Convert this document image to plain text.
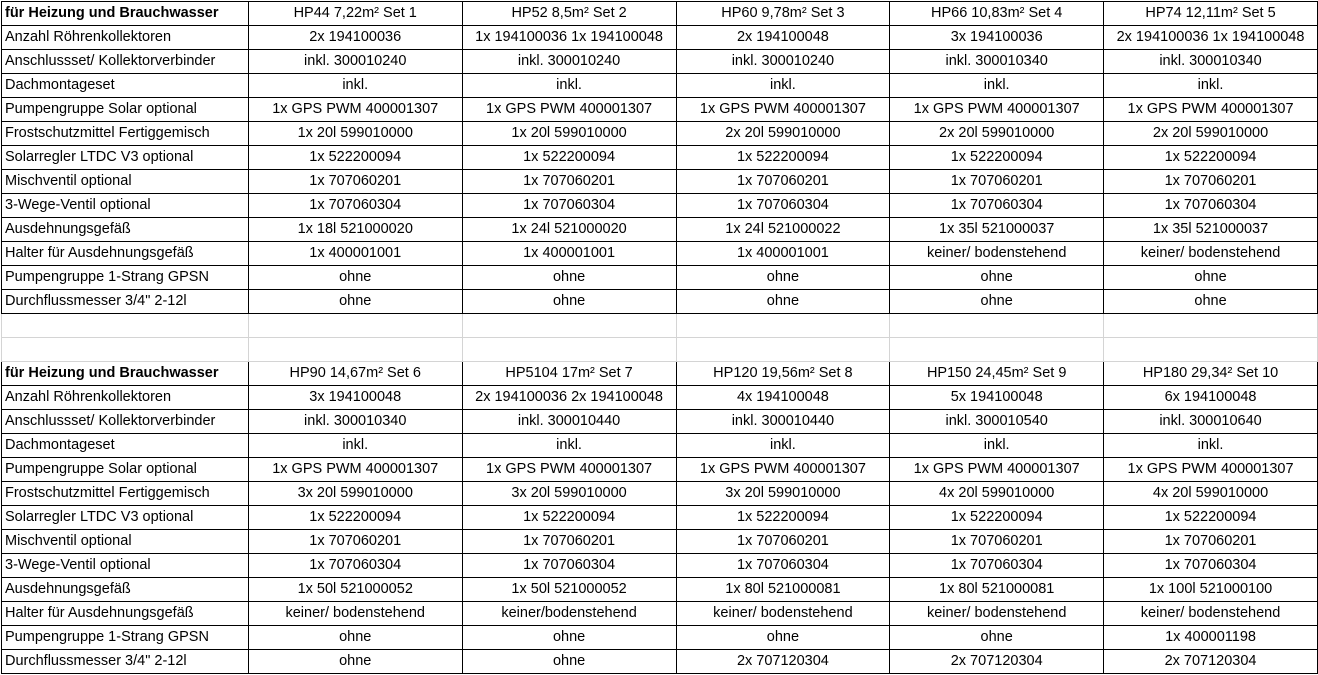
für Heizung und Brauchwasser	HP44 7,22m² Set 1	HP52 8,5m² Set 2	HP60 9,78m² Set 3	HP66 10,83m² Set 4	HP74 12,11m² Set 5
Anzahl Röhrenkollektoren	2x 194100036	1x 194100036 1x 194100048	2x 194100048	3x 194100036	2x 194100036 1x 194100048
Anschlussset/ Kollektorverbinder	inkl. 300010240	inkl. 300010240	inkl. 300010240	inkl. 300010340	inkl. 300010340
Dachmontageset	inkl.	inkl.	inkl.	inkl.	inkl.
Pumpengruppe Solar optional	1x GPS PWM 400001307	1x GPS PWM 400001307	1x GPS PWM 400001307	1x GPS PWM 400001307	1x GPS PWM 400001307
Frostschutzmittel Fertiggemisch	1x 20l 599010000	1x 20l 599010000	2x 20l 599010000	2x 20l 599010000	2x 20l 599010000
Solarregler LTDC V3 optional	1x 522200094	1x 522200094	1x 522200094	1x 522200094	1x 522200094
Mischventil optional	1x 707060201	1x 707060201	1x 707060201	1x 707060201	1x 707060201
3-Wege-Ventil optional	1x 707060304	1x 707060304	1x 707060304	1x 707060304	1x 707060304
Ausdehnungsgefäß	1x 18l 521000020	1x 24l 521000020	1x 24l 521000022	1x 35l 521000037	1x 35l 521000037
Halter für Ausdehnungsgefäß	1x 400001001	1x 400001001	1x 400001001	keiner/ bodenstehend	keiner/ bodenstehend
Pumpengruppe 1-Strang GPSN	ohne	ohne	ohne	ohne	ohne
Durchflussmesser 3/4" 2-12l	ohne	ohne	ohne	ohne	ohne

für Heizung und Brauchwasser	HP90 14,67m² Set 6	HP5104 17m² Set 7	HP120 19,56m² Set 8	HP150 24,45m² Set 9	HP180 29,34² Set 10
Anzahl Röhrenkollektoren	3x 194100048	2x 194100036 2x 194100048	4x 194100048	5x 194100048	6x 194100048
Anschlussset/ Kollektorverbinder	inkl. 300010340	inkl. 300010440	inkl. 300010440	inkl. 300010540	inkl. 300010640
Dachmontageset	inkl.	inkl.	inkl.	inkl.	inkl.
Pumpengruppe Solar optional	1x GPS PWM 400001307	1x GPS PWM 400001307	1x GPS PWM 400001307	1x GPS PWM 400001307	1x GPS PWM 400001307
Frostschutzmittel Fertiggemisch	3x 20l 599010000	3x 20l 599010000	3x 20l 599010000	4x 20l 599010000	4x 20l 599010000
Solarregler LTDC V3 optional	1x 522200094	1x 522200094	1x 522200094	1x 522200094	1x 522200094
Mischventil optional	1x 707060201	1x 707060201	1x 707060201	1x 707060201	1x 707060201
3-Wege-Ventil optional	1x 707060304	1x 707060304	1x 707060304	1x 707060304	1x 707060304
Ausdehnungsgefäß	1x 50l 521000052	1x 50l 521000052	1x 80l 521000081	1x 80l 521000081	1x 100l 521000100
Halter für Ausdehnungsgefäß	keiner/ bodenstehend	keiner/bodenstehend	keiner/ bodenstehend	keiner/ bodenstehend	keiner/ bodenstehend
Pumpengruppe 1-Strang GPSN	ohne	ohne	ohne	ohne	1x 400001198
Durchflussmesser 3/4" 2-12l	ohne	ohne	2x 707120304	2x 707120304	2x 707120304
